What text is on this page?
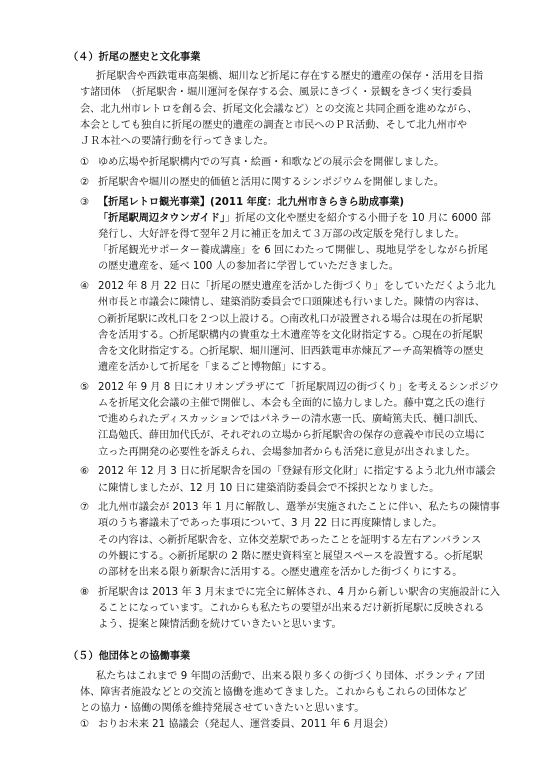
（４）折尾の歴史と文化事業
折尾駅舎や西鉄電車高架橋、堀川など折尾に存在する歴史的遺産の保存・活用を目指
す諸団体　（折尾駅舎・堀川運河を保存する会、風景にきづく・景観をきづく実行委員
会、北九州市レトロを創る会、折尾文化会議など）との交流と共同企画を進めながら、
本会としても独自に折尾の歴史的遺産の調査と市民へのＰＲ活動、そして北九州市や
ＪＲ本社への要請行動を行ってきました。
① ゆめ広場や折尾駅構内での写真・絵画・和歌などの展示会を開催しました。
② 折尾駅舎や堀川の歴史的価値と活用に関するシンポジウムを開催しました。
③ 【折尾レトロ観光事業】(2011 年度：北九州市きらきら助成事業)
「折尾駅周辺タウンガイド」」折尾の文化や歴史を紹介する小冊子を 10 月に 6000 部
発行し、大好評を得て翌年２月に補正を加えて３万部の改定版を発行しました。
「折尾観光サポーター養成講座」を 6 回にわたって開催し、現地見学をしながら折尾
の歴史遺産を、延べ 100 人の参加者に学習していただきました。
④ 2012 年 8 月 22 日に「折尾の歴史遺産を活かした街づくり」をしていただくよう北九
州市長と市議会に陳情し、建築消防委員会で口頭陳述も行いました。陳情の内容は、
○新折尾駅に改札口を２つ以上設ける。○南改札口が設置される場合は現在の折尾駅
舎を活用する。○折尾駅構内の貴重な土木遺産等を文化財指定する。○現在の折尾駅
舎を文化財指定する。○折尾駅、堀川運河、旧西鉄電車赤煉瓦アーチ高架橋等の歴史
遺産を活かして折尾を「まるごと博物館」にする。
⑤ 2012 年 9 月 8 日にオリオンプラザにて「折尾駅周辺の街づくり」を考えるシンポジウ
ムを折尾文化会議の主催で開催し、本会も全面的に協力しました。藤中寛之氏の進行
で進められたディスカッションではパネラーの清水憲一氏、廣崎篤夫氏、樋口訓氏、
江島勉氏、薛田加代氏が、それぞれの立場から折尾駅舎の保存の意義や市民の立場に
立った再開発の必要性を訴えられ、会場参加者からも活発に意見が出されました。
⑥ 2012 年 12 月 3 日に折尾駅舎を国の「登録有形文化財」に指定するよう北九州市議会
に陳情しましたが、12 月 10 日に建築消防委員会で不採択となりました。
⑦ 北九州市議会が 2013 年 1 月に解散し、選挙が実施されたことに伴い、私たちの陳情事
項のうち審議未了であった事項について、3 月 22 日に再度陳情しました。
その内容は、◇新折尾駅舎を、立体交差駅であったことを証明する左右アンバランス
の外観にする。◇新折尾駅の 2 階に歴史資料室と展望スペースを設置する。◇折尾駅
の部材を出来る限り新駅舎に活用する。◇歴史遺産を活かした街づくりにする。
⑧ 折尾駅舎は 2013 年 3 月末までに完全に解体され、4 月から新しい駅舎の実施設計に入
ることになっています。これからも私たちの要望が出来るだけ新折尾駅に反映される
よう、提案と陳情活動を続けていきたいと思います。
（５）他団体との協働事業
私たちはこれまで 9 年間の活動で、出来る限り多くの街づくり団体、ボランティア団
体、障害者施設などとの交流と協働を進めてきました。これからもこれらの団体など
との協力・協働の関係を維持発展させていきたいと思います。
① おりお未来 21 協議会（発起人、運営委員、2011 年 6 月退会）
